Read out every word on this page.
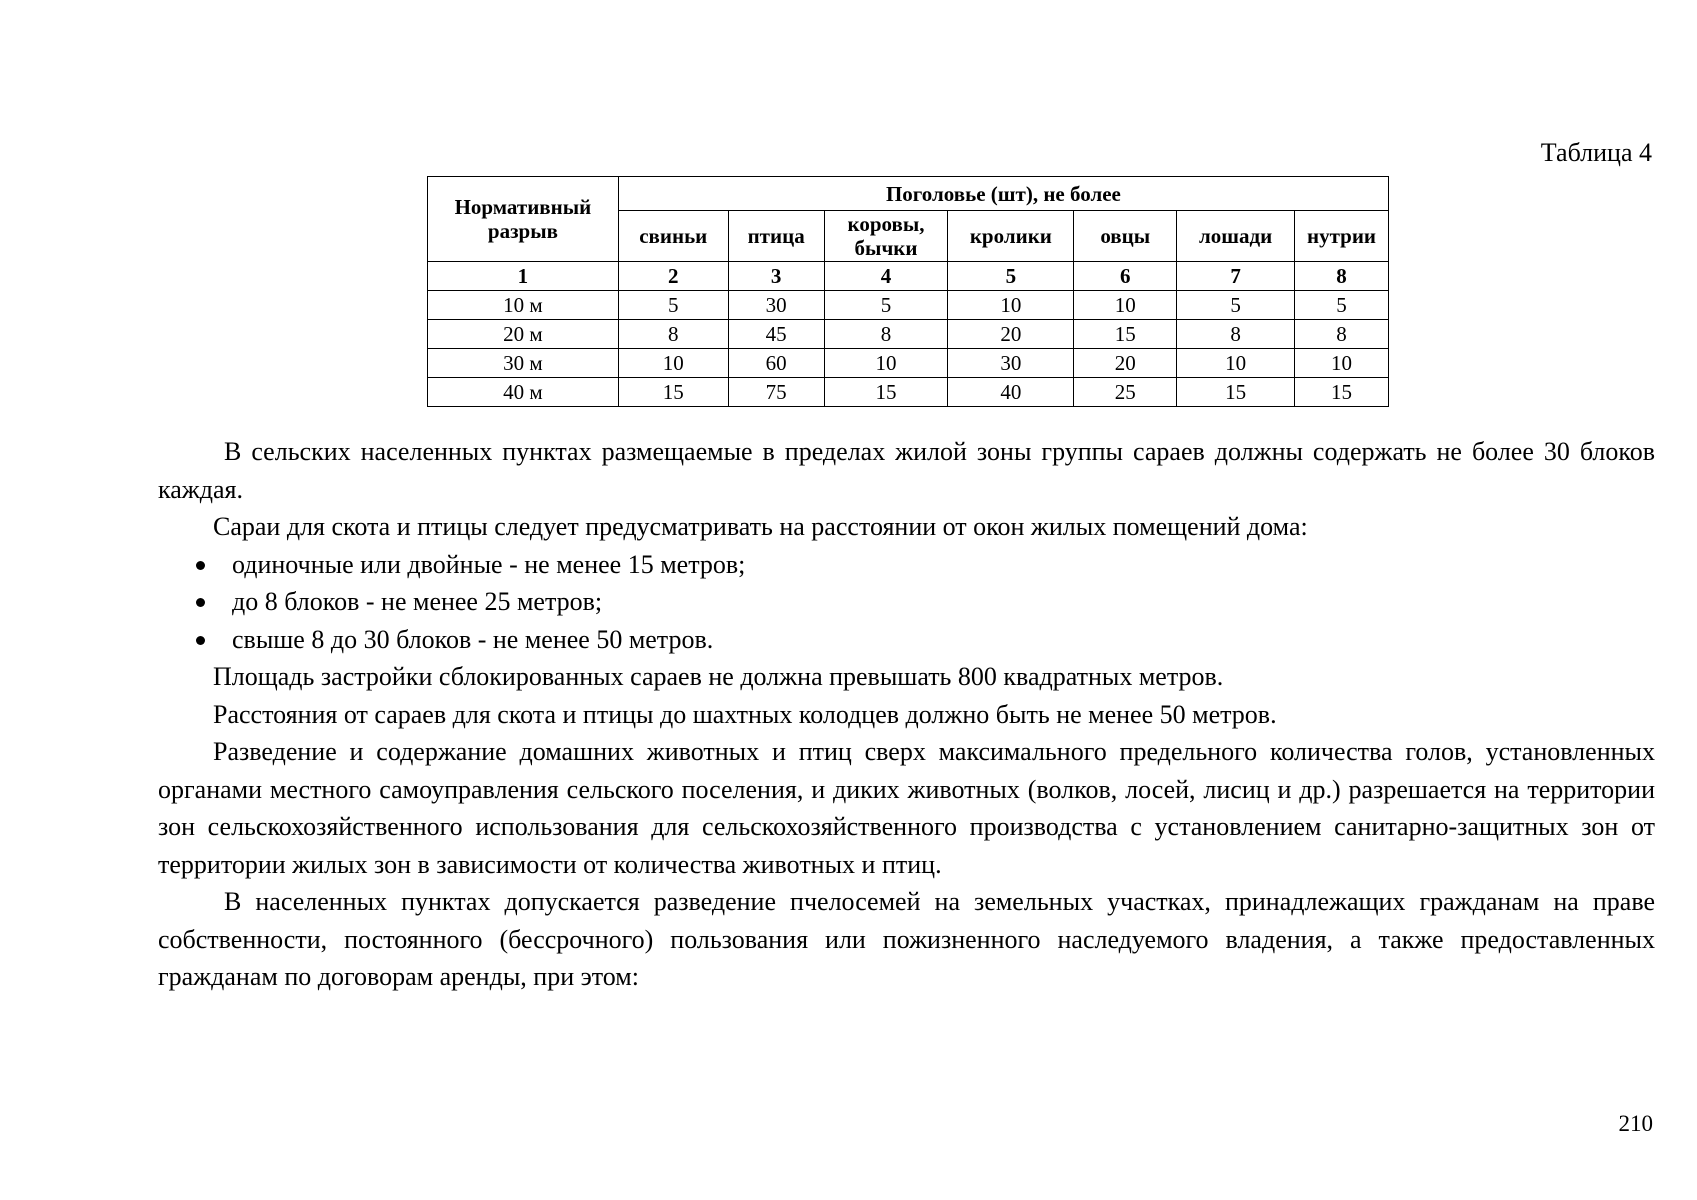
Таблица 4
Нормативный разрыв	Поголовье (шт), не более						
	свиньи	птица	коровы, бычки	кролики	овцы	лошади	нутрии
1	2	3	4	5	6	7	8
10 м	5	30	5	10	10	5	5
20 м	8	45	8	20	15	8	8
30 м	10	60	10	30	20	10	10
40 м	15	75	15	40	25	15	15

В сельских населенных пунктах размещаемые в пределах жилой зоны группы сараев должны содержать не более 30 блоков каждая.

Сараи для скота и птицы следует предусматривать на расстоянии от окон жилых помещений дома:

одиночные или двойные - не менее 15 метров;
до 8 блоков - не менее 25 метров;
свыше 8 до 30 блоков - не менее 50 метров.

Площадь застройки сблокированных сараев не должна превышать 800 квадратных метров.

Расстояния от сараев для скота и птицы до шахтных колодцев должно быть не менее 50 метров.

Разведение и содержание домашних животных и птиц сверх максимального предельного количества голов, установленных органами местного самоуправления сельского поселения, и диких животных (волков, лосей, лисиц и др.) разрешается на территории зон сельскохозяйственного использования для сельскохозяйственного производства с установлением санитарно-защитных зон от территории жилых зон в зависимости от количества животных и птиц.

В населенных пунктах допускается разведение пчелосемей на земельных участках, принадлежащих гражданам на праве собственности, постоянного (бессрочного) пользования или пожизненного наследуемого владения, а также предоставленных гражданам по договорам аренды, при этом:

210
